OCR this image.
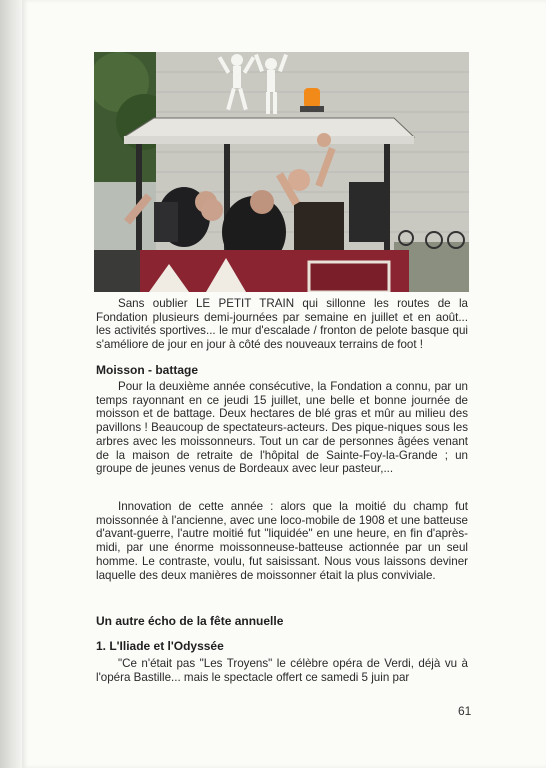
Sans oublier LE PETIT TRAIN qui sillonne les routes de la Fondation plusieurs demi-journées par semaine en juillet et en août... les activités sportives... le mur d'escalade / fronton de pelote basque qui s'améliore de jour en jour à côté des nouveaux terrains de foot !

Moisson - battage

Pour la deuxième année consécutive, la Fondation a connu, par un temps rayonnant en ce jeudi 15 juillet, une belle et bonne journée de moisson et de battage. Deux hectares de blé gras et mûr au milieu des pavillons ! Beaucoup de spectateurs-acteurs. Des pique-niques sous les arbres avec les moissonneurs. Tout un car de personnes âgées venant de la maison de retraite de l'hôpital de Sainte-Foy-la-Grande ; un groupe de jeunes venus de Bordeaux avec leur pasteur,...

Innovation de cette année : alors que la moitié du champ fut moissonnée à l'ancienne, avec une loco-mobile de 1908 et une batteuse d'avant-guerre, l'autre moitié fut "liquidée" en une heure, en fin d'après-midi, par une énorme moissonneuse-batteuse actionnée par un seul homme. Le contraste, voulu, fut saisissant. Nous vous laissons deviner laquelle des deux manières de moissonner était la plus conviviale.

Un autre écho de la fête annuelle
1. L'Iliade et l'Odyssée

"Ce n'était pas "Les Troyens" le célèbre opéra de Verdi, déjà vu à l'opéra Bastille... mais le spectacle offert ce samedi 5 juin par

61
